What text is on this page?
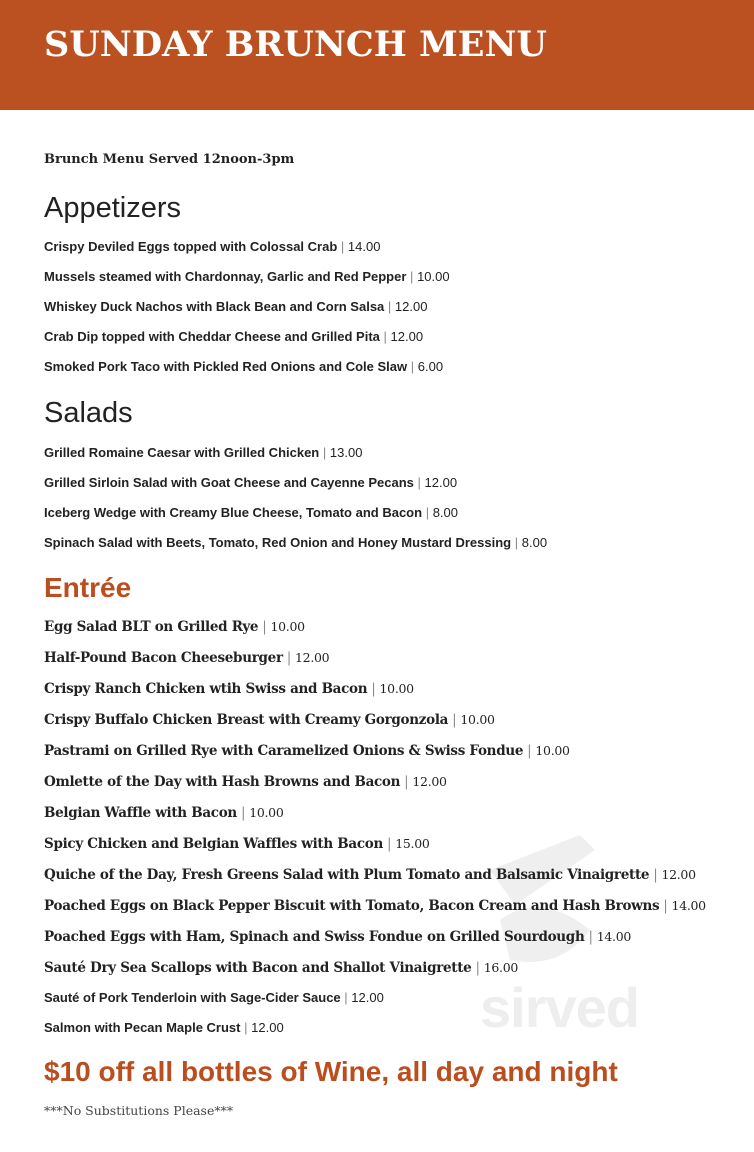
SUNDAY BRUNCH MENU
sirved
Brunch Menu Served 12noon-3pm
Appetizers
Crispy Deviled Eggs topped with Colossal Crab | 14.00
Mussels steamed with Chardonnay, Garlic and Red Pepper | 10.00
Whiskey Duck Nachos with Black Bean and Corn Salsa | 12.00
Crab Dip topped with Cheddar Cheese and Grilled Pita | 12.00
Smoked Pork Taco with Pickled Red Onions and Cole Slaw | 6.00
Salads
Grilled Romaine Caesar with Grilled Chicken | 13.00
Grilled Sirloin Salad with Goat Cheese and Cayenne Pecans | 12.00
Iceberg Wedge with Creamy Blue Cheese, Tomato and Bacon | 8.00
Spinach Salad with Beets, Tomato, Red Onion and Honey Mustard Dressing | 8.00
Entrée
Egg Salad BLT on Grilled Rye | 10.00
Half-Pound Bacon Cheeseburger | 12.00
Crispy Ranch Chicken wtih Swiss and Bacon | 10.00
Crispy Buffalo Chicken Breast with Creamy Gorgonzola | 10.00
Pastrami on Grilled Rye with Caramelized Onions & Swiss Fondue | 10.00
Omlette of the Day with Hash Browns and Bacon | 12.00
Belgian Waffle with Bacon | 10.00
Spicy Chicken and Belgian Waffles with Bacon | 15.00
Quiche of the Day, Fresh Greens Salad with Plum Tomato and Balsamic Vinaigrette | 12.00
Poached Eggs on Black Pepper Biscuit with Tomato, Bacon Cream and Hash Browns | 14.00
Poached Eggs with Ham, Spinach and Swiss Fondue on Grilled Sourdough | 14.00
Sauté Dry Sea Scallops with Bacon and Shallot Vinaigrette | 16.00
Sauté of Pork Tenderloin with Sage-Cider Sauce | 12.00
Salmon with Pecan Maple Crust | 12.00
$10 off all bottles of Wine, all day and night
***No Substitutions Please***
